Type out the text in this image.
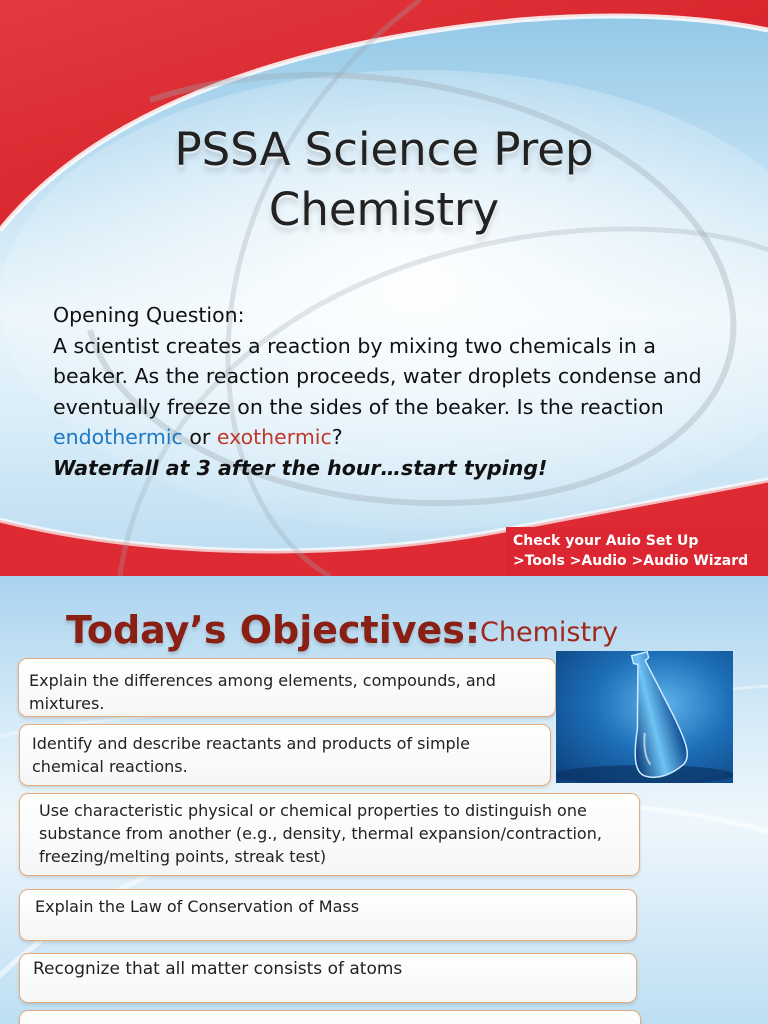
PSSA Science Prep
Chemistry
Opening Question:
A scientist creates a reaction by mixing two chemicals in a beaker. As the reaction proceeds, water droplets condense and eventually freeze on the sides of the beaker. Is the reaction endothermic or exothermic?
Waterfall at 3 after the hour…start typing!
Check your Auio Set Up
>Tools >Audio >Audio Wizard
Today’s Objectives: Chemistry
Explain the differences among elements, compounds, and mixtures.
Identify and describe reactants and products of simple chemical reactions.
Use characteristic physical or chemical properties to distinguish one substance from another (e.g., density, thermal expansion/contraction, freezing/melting points, streak test)
Explain the Law of Conservation of Mass
Recognize that all matter consists of atoms
